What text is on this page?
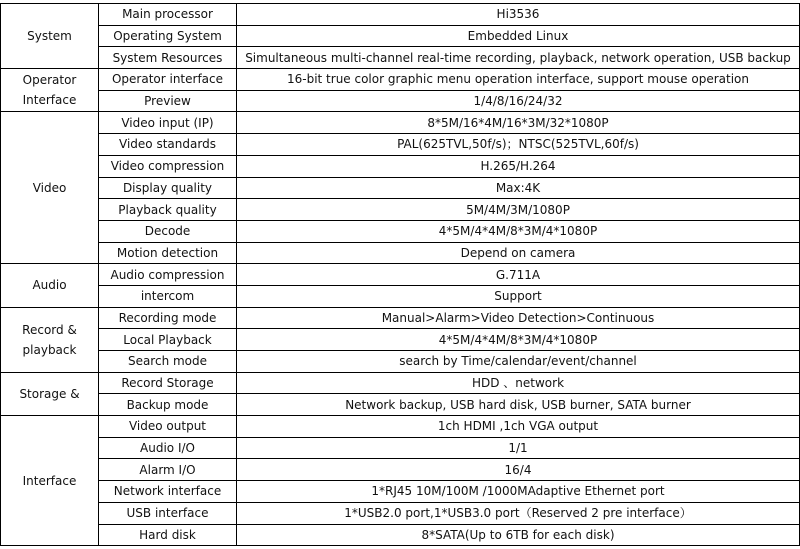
System	Main processor	Hi3536
	Operating System	Embedded Linux
	System Resources	Simultaneous multi-channel real-time recording, playback, network operation, USB backup
Operator Interface	Operator interface	16-bit true color graphic menu operation interface, support mouse operation
	Preview	1/4/8/16/24/32
Video	Video input (IP)	8*5M/16*4M/16*3M/32*1080P
	Video standards	PAL(625TVL,50f/s)；NTSC(525TVL,60f/s)
	Video compression	H.265/H.264
	Display quality	Max:4K
	Playback quality	5M/4M/3M/1080P
	Decode	4*5M/4*4M/8*3M/4*1080P
	Motion detection	Depend on camera
Audio	Audio compression	G.711A
	intercom	Support
Record & playback	Recording mode	Manual>Alarm>Video Detection>Continuous
	Local Playback	4*5M/4*4M/8*3M/4*1080P
	Search mode	search by Time/calendar/event/channel
Storage &	Record Storage	HDD 、network
	Backup mode	Network backup, USB hard disk, USB burner, SATA burner
Interface	Video output	1ch HDMI ,1ch VGA output
	Audio I/O	1/1
	Alarm I/O	16/4
	Network interface	1*RJ45 10M/100M /1000MAdaptive Ethernet port
	USB interface	1*USB2.0 port,1*USB3.0 port（Reserved 2 pre interface）
	Hard disk	8*SATA(Up to 6TB for each disk)
